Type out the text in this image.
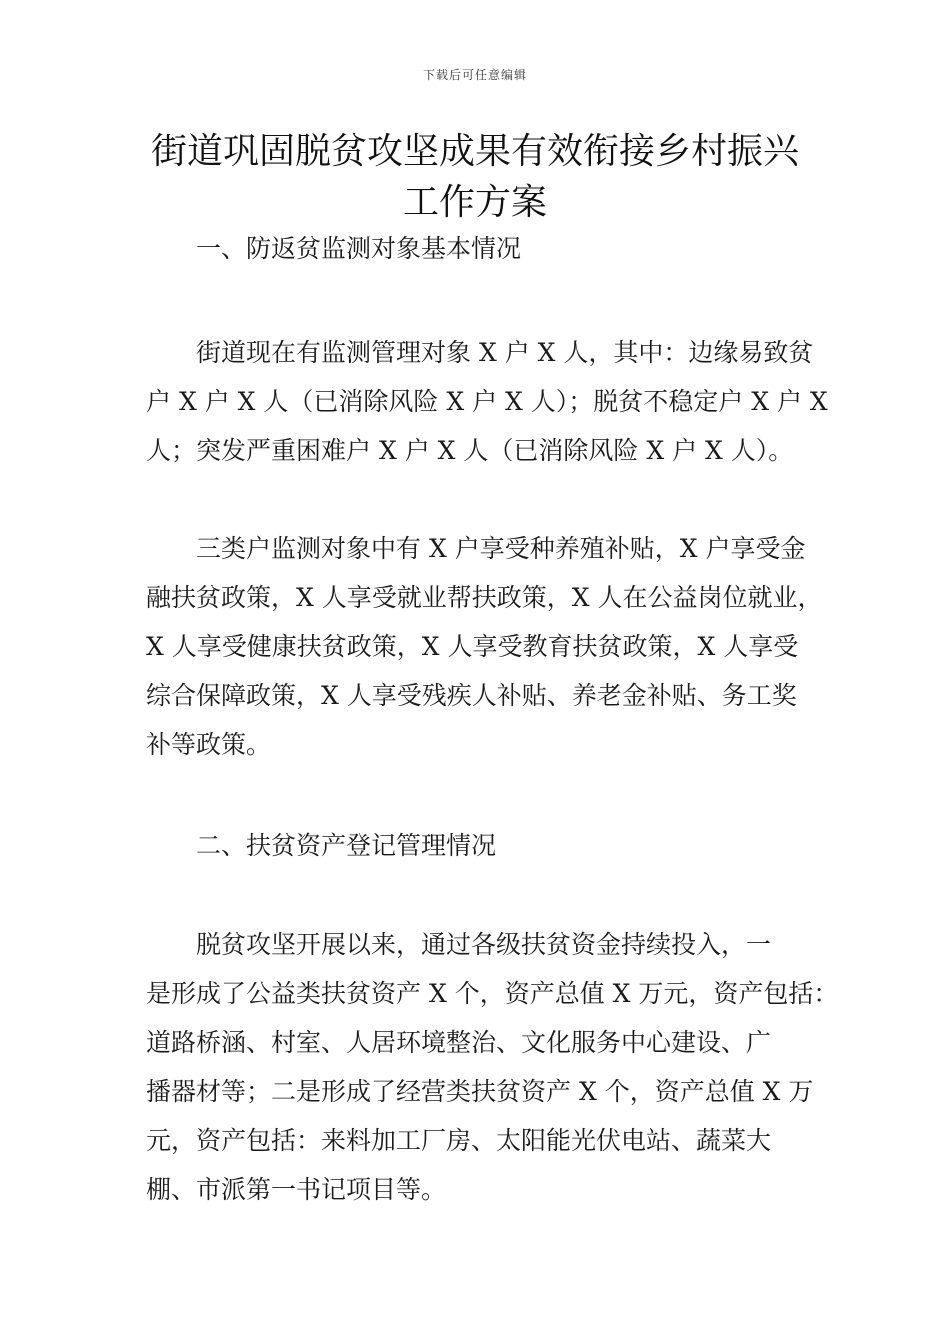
下载后可任意编辑
街道巩固脱贫攻坚成果有效衔接乡村振兴
工作方案
一、防返贫监测对象基本情况
街道现在有监测管理对象 X 户 X 人，其中：边缘易致贫
户 X 户 X 人（已消除风险 X 户 X 人）；脱贫不稳定户 X 户 X
人；突发严重困难户 X 户 X 人（已消除风险 X 户 X 人）。
三类户监测对象中有 X 户享受种养殖补贴，X 户享受金
融扶贫政策，X 人享受就业帮扶政策，X 人在公益岗位就业，
X 人享受健康扶贫政策，X 人享受教育扶贫政策，X 人享受
综合保障政策，X 人享受残疾人补贴、养老金补贴、务工奖
补等政策。
二、扶贫资产登记管理情况
脱贫攻坚开展以来，通过各级扶贫资金持续投入，一
是形成了公益类扶贫资产 X 个，资产总值 X 万元，资产包括：
道路桥涵、村室、人居环境整治、文化服务中心建设、广
播器材等；二是形成了经营类扶贫资产 X 个，资产总值 X 万
元，资产包括：来料加工厂房、太阳能光伏电站、蔬菜大
棚、市派第一书记项目等。
